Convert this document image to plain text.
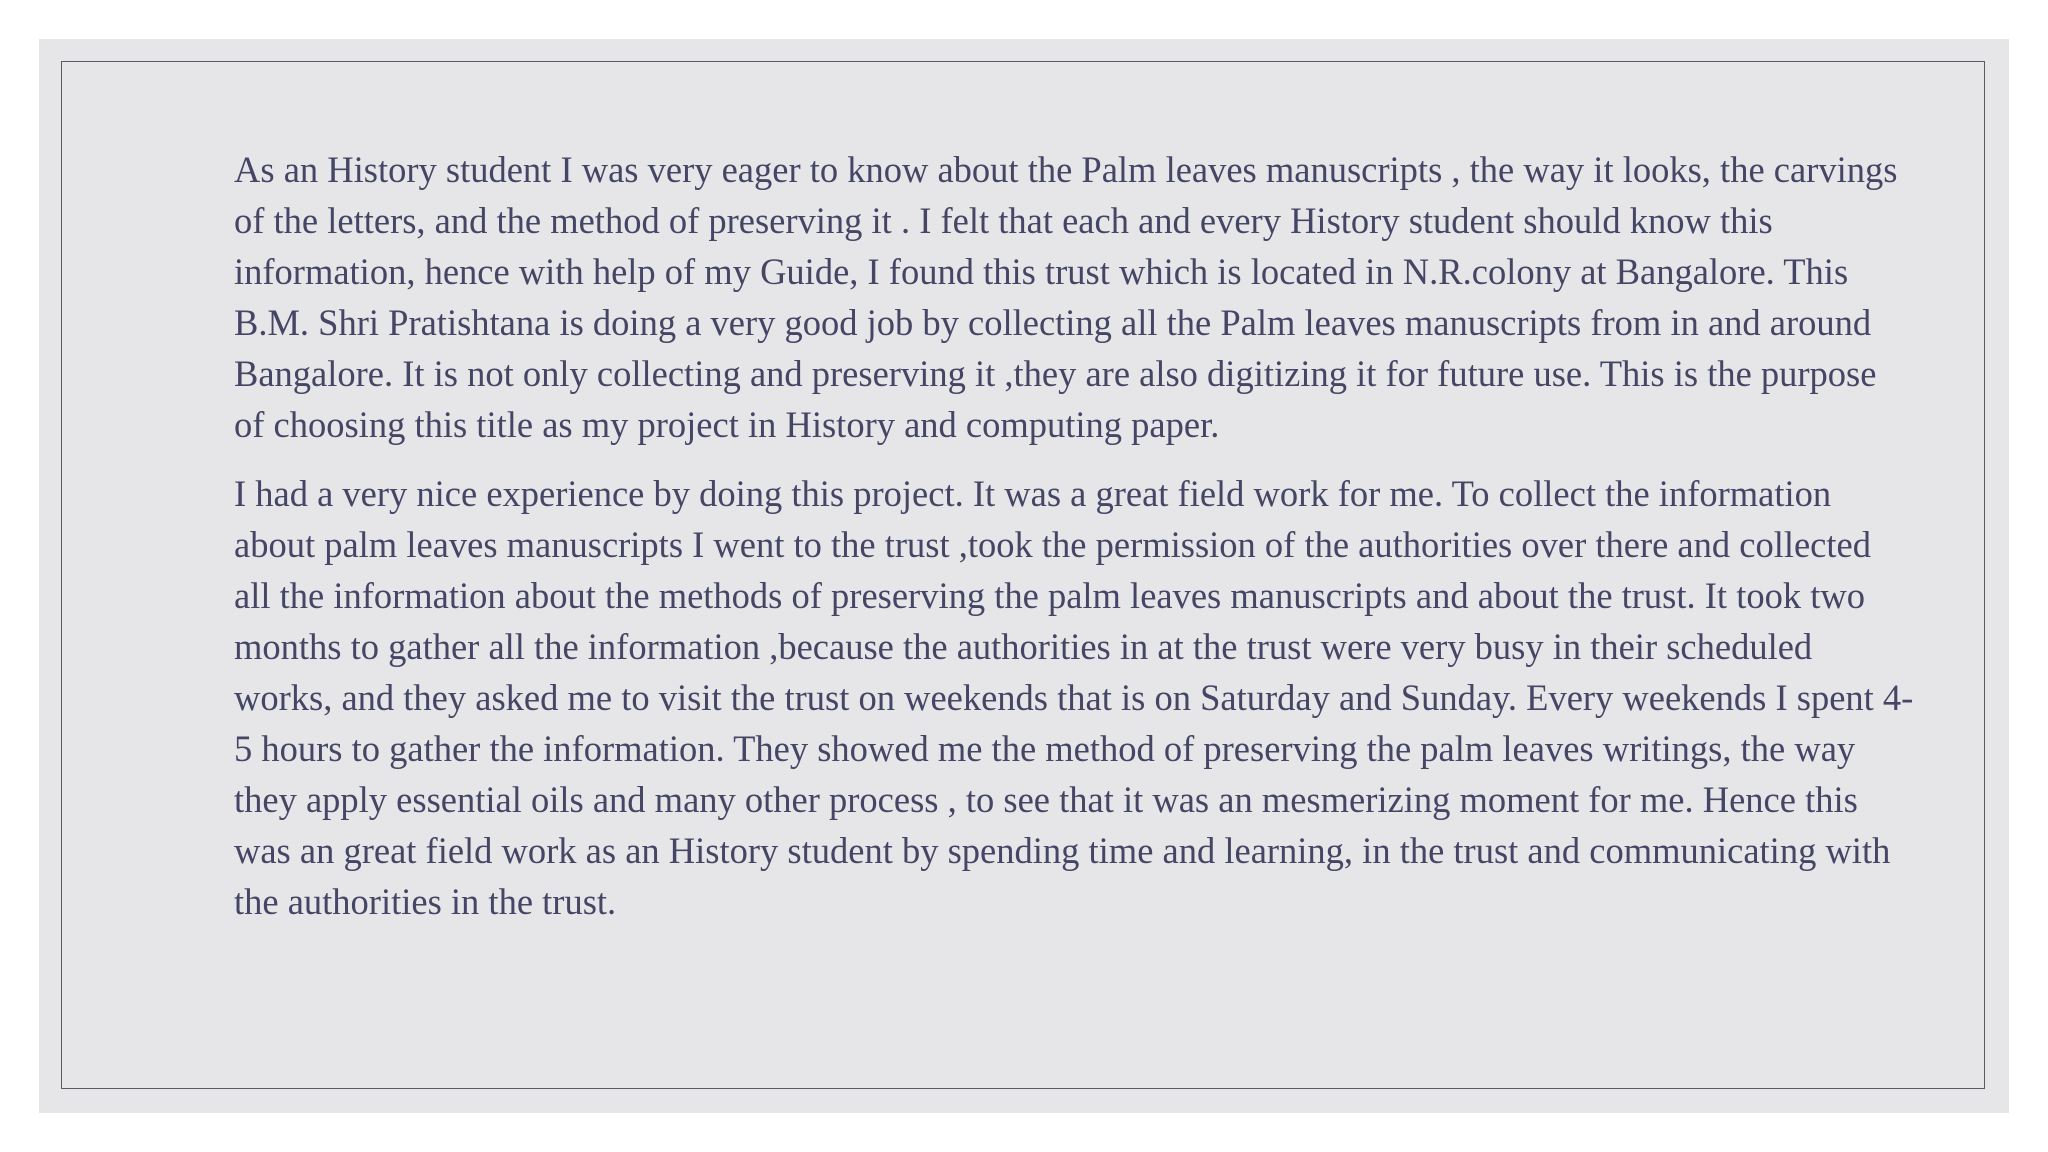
As an History student I was very eager to know about the Palm leaves manuscripts , the way it looks, the carvings of the letters, and the method of preserving it . I felt that each and every History student should know this information, hence with help of my Guide, I found this trust which is located in N.R.colony at Bangalore. This B.M. Shri Pratishtana is doing a very good job by collecting all the Palm leaves manuscripts from in and around Bangalore. It is not only collecting and preserving it ,they are also digitizing it for future use. This is the purpose of choosing this title as my project in History and computing paper.

I had a very nice experience by doing this project. It was a great field work for me. To collect the information about palm leaves manuscripts I went to the trust ,took the permission of the authorities over there and collected all the information about the methods of preserving the palm leaves manuscripts and about the trust. It took two months to gather all the information ,because the authorities in at the trust were very busy in their scheduled works, and they asked me to visit the trust on weekends that is on Saturday and Sunday. Every weekends I spent 4-5 hours to gather the information. They showed me the method of preserving the palm leaves writings, the way they apply essential oils and many other process , to see that it was an mesmerizing moment for me. Hence this was an great field work as an History student by spending time and learning, in the trust and communicating with the authorities in the trust.
